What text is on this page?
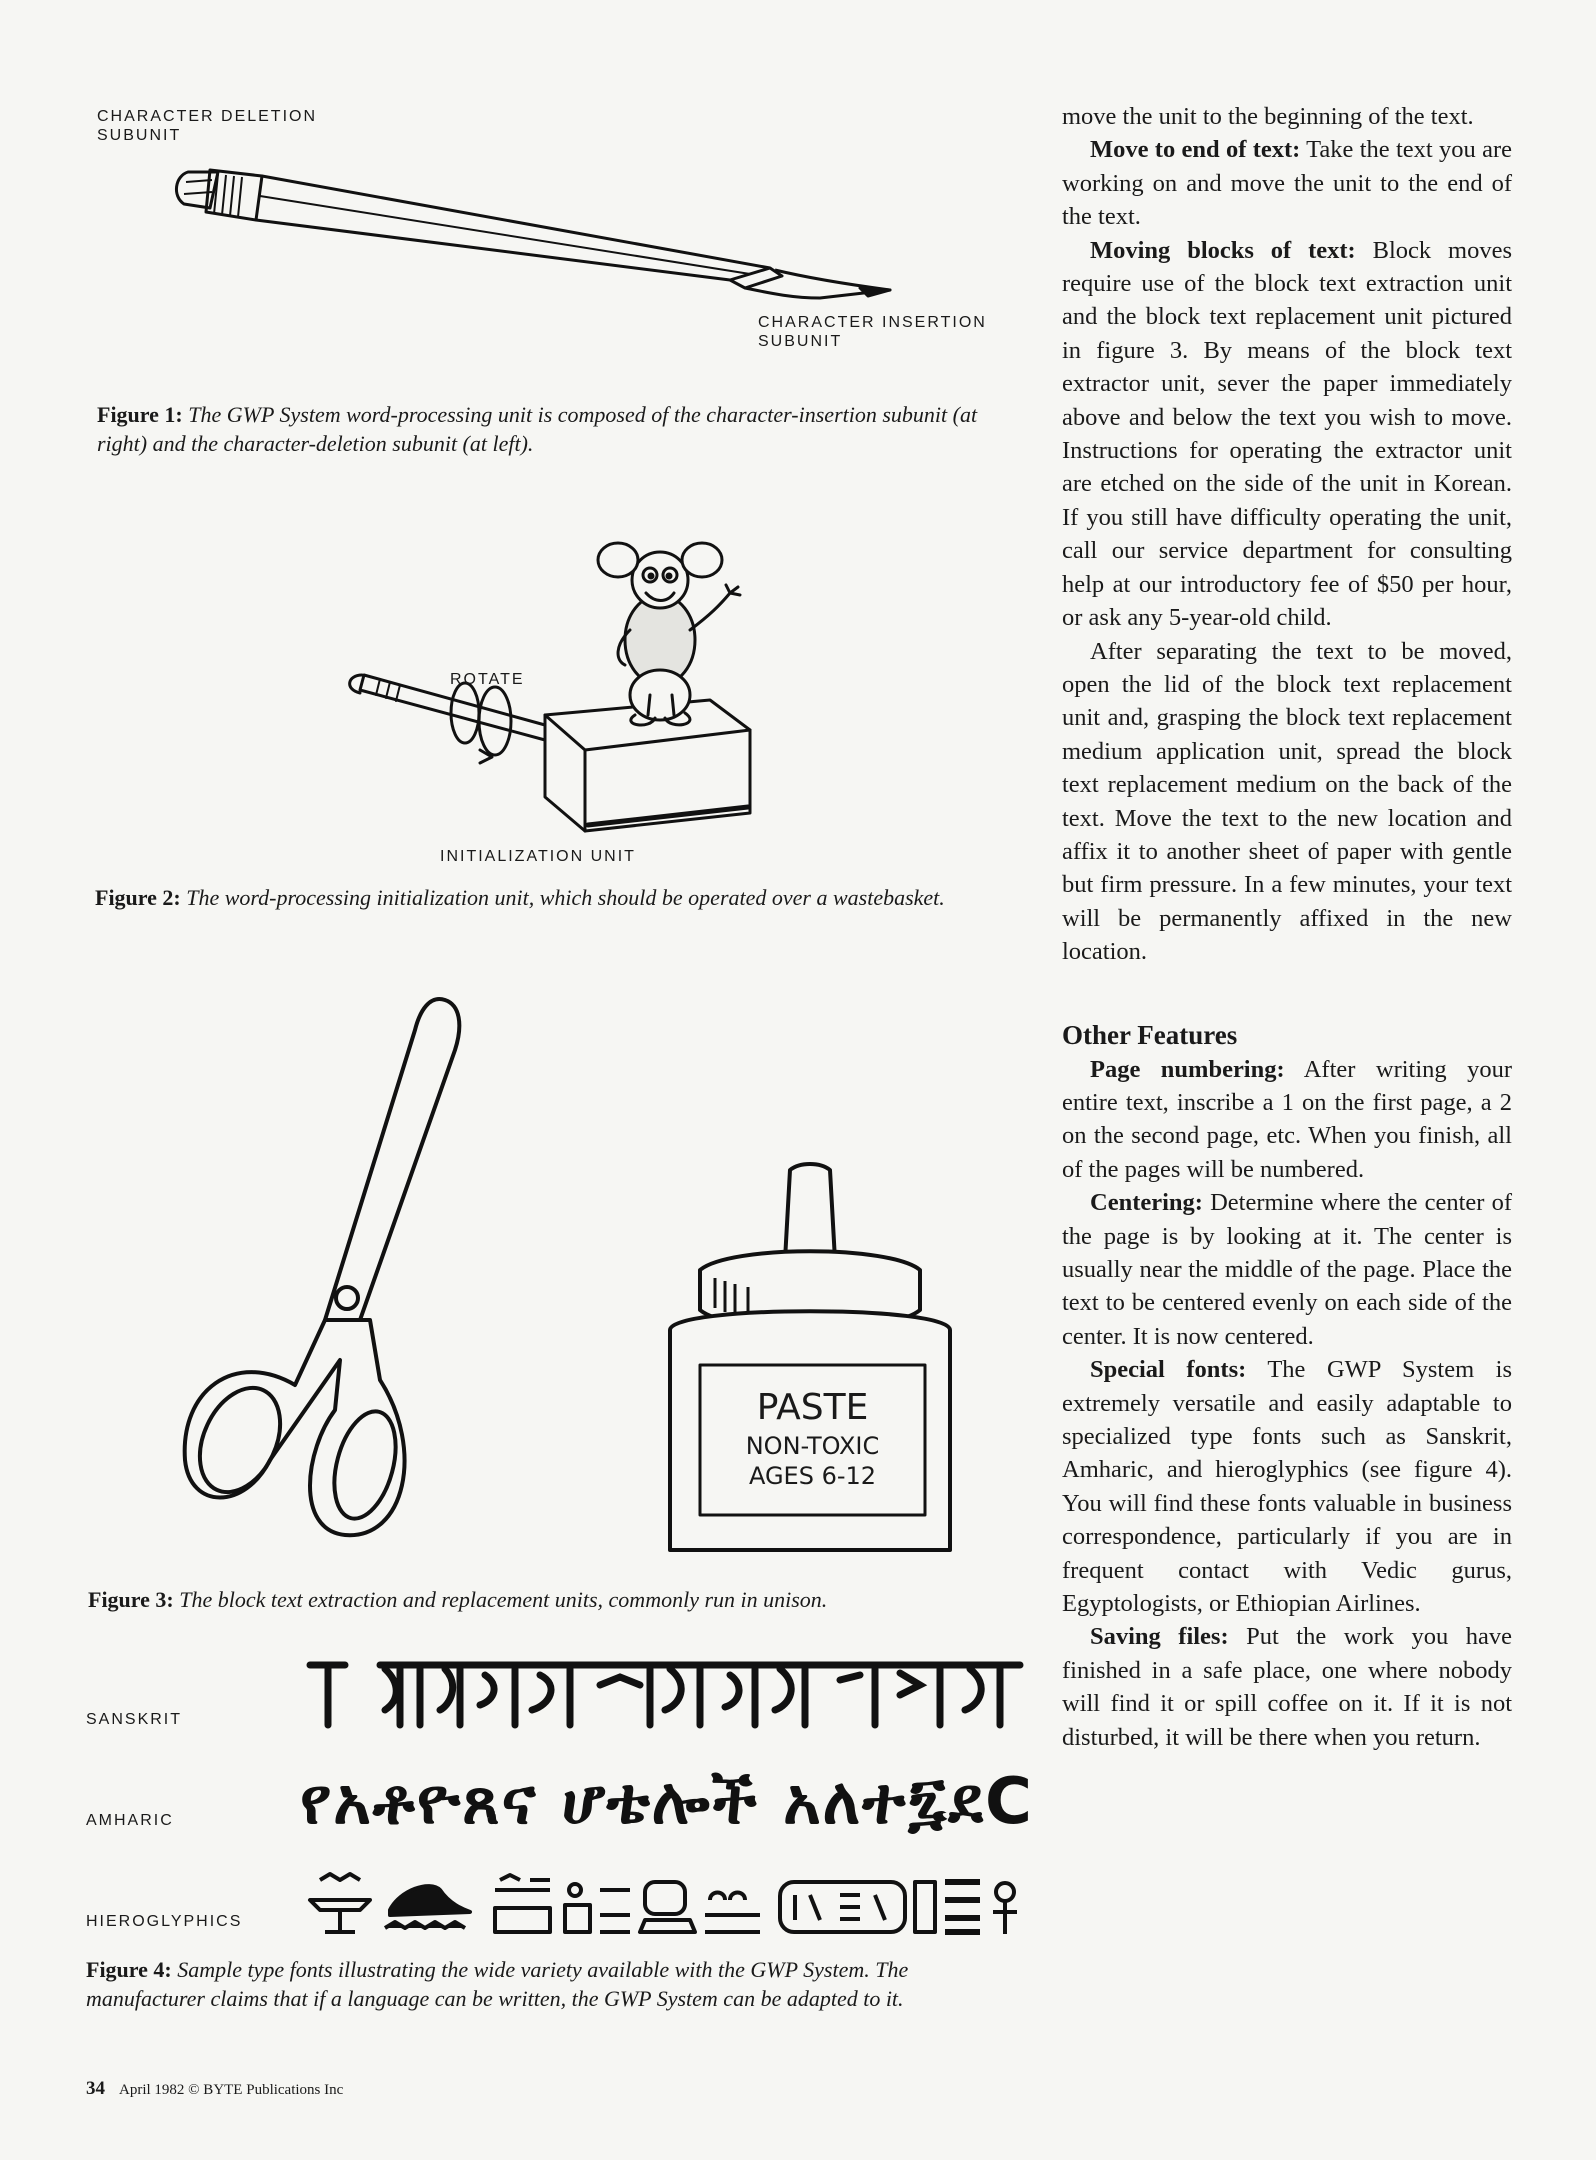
CHARACTER DELETION
SUBUNIT
CHARACTER INSERTION
SUBUNIT
Figure 1: The GWP System word-processing unit is composed of the character-insertion subunit (at right) and the character-deletion subunit (at left).
ROTATE
INITIALIZATION UNIT
Figure 2: The word-processing initialization unit, which should be operated over a wastebasket.
PASTE
NON-TOXIC
AGES 6-12
Figure 3: The block text extraction and replacement units, commonly run in unison.
SANSKRIT
AMHARIC የአቶዮጸና ሆቴሎች አለተ፯ደC
HIEROGLYPHICS
Figure 4: Sample type fonts illustrating the wide variety available with the GWP System. The manufacturer claims that if a language can be written, the GWP System can be adapted to it.

move the unit to the beginning of the text.

Move to end of text: Take the text you are working on and move the unit to the end of the text.

Moving blocks of text: Block moves require use of the block text extraction unit and the block text replacement unit pictured in figure 3. By means of the block text extractor unit, sever the paper immediately above and below the text you wish to move. Instructions for operating the extractor unit are etched on the side of the unit in Korean. If you still have difficulty operating the unit, call our service department for consulting help at our introductory fee of $50 per hour, or ask any 5-year-old child.

After separating the text to be moved, open the lid of the block text replacement unit and, grasping the block text replacement medium application unit, spread the block text replacement medium on the back of the text. Move the text to the new location and affix it to another sheet of paper with gentle but firm pressure. In a few minutes, your text will be permanently affixed in the new location.

Other Features

Page numbering: After writing your entire text, inscribe a 1 on the first page, a 2 on the second page, etc. When you finish, all of the pages will be numbered.

Centering: Determine where the center of the page is by looking at it. The center is usually near the middle of the page. Place the text to be centered evenly on each side of the center. It is now centered.

Special fonts: The GWP System is extremely versatile and easily adaptable to specialized type fonts such as Sanskrit, Amharic, and hieroglyphics (see figure 4). You will find these fonts valuable in business correspondence, particularly if you are in frequent contact with Vedic gurus, Egyptologists, or Ethiopian Airlines.

Saving files: Put the work you have finished in a safe place, one where nobody will find it or spill coffee on it. If it is not disturbed, it will be there when you return.

34 April 1982 © BYTE Publications Inc
